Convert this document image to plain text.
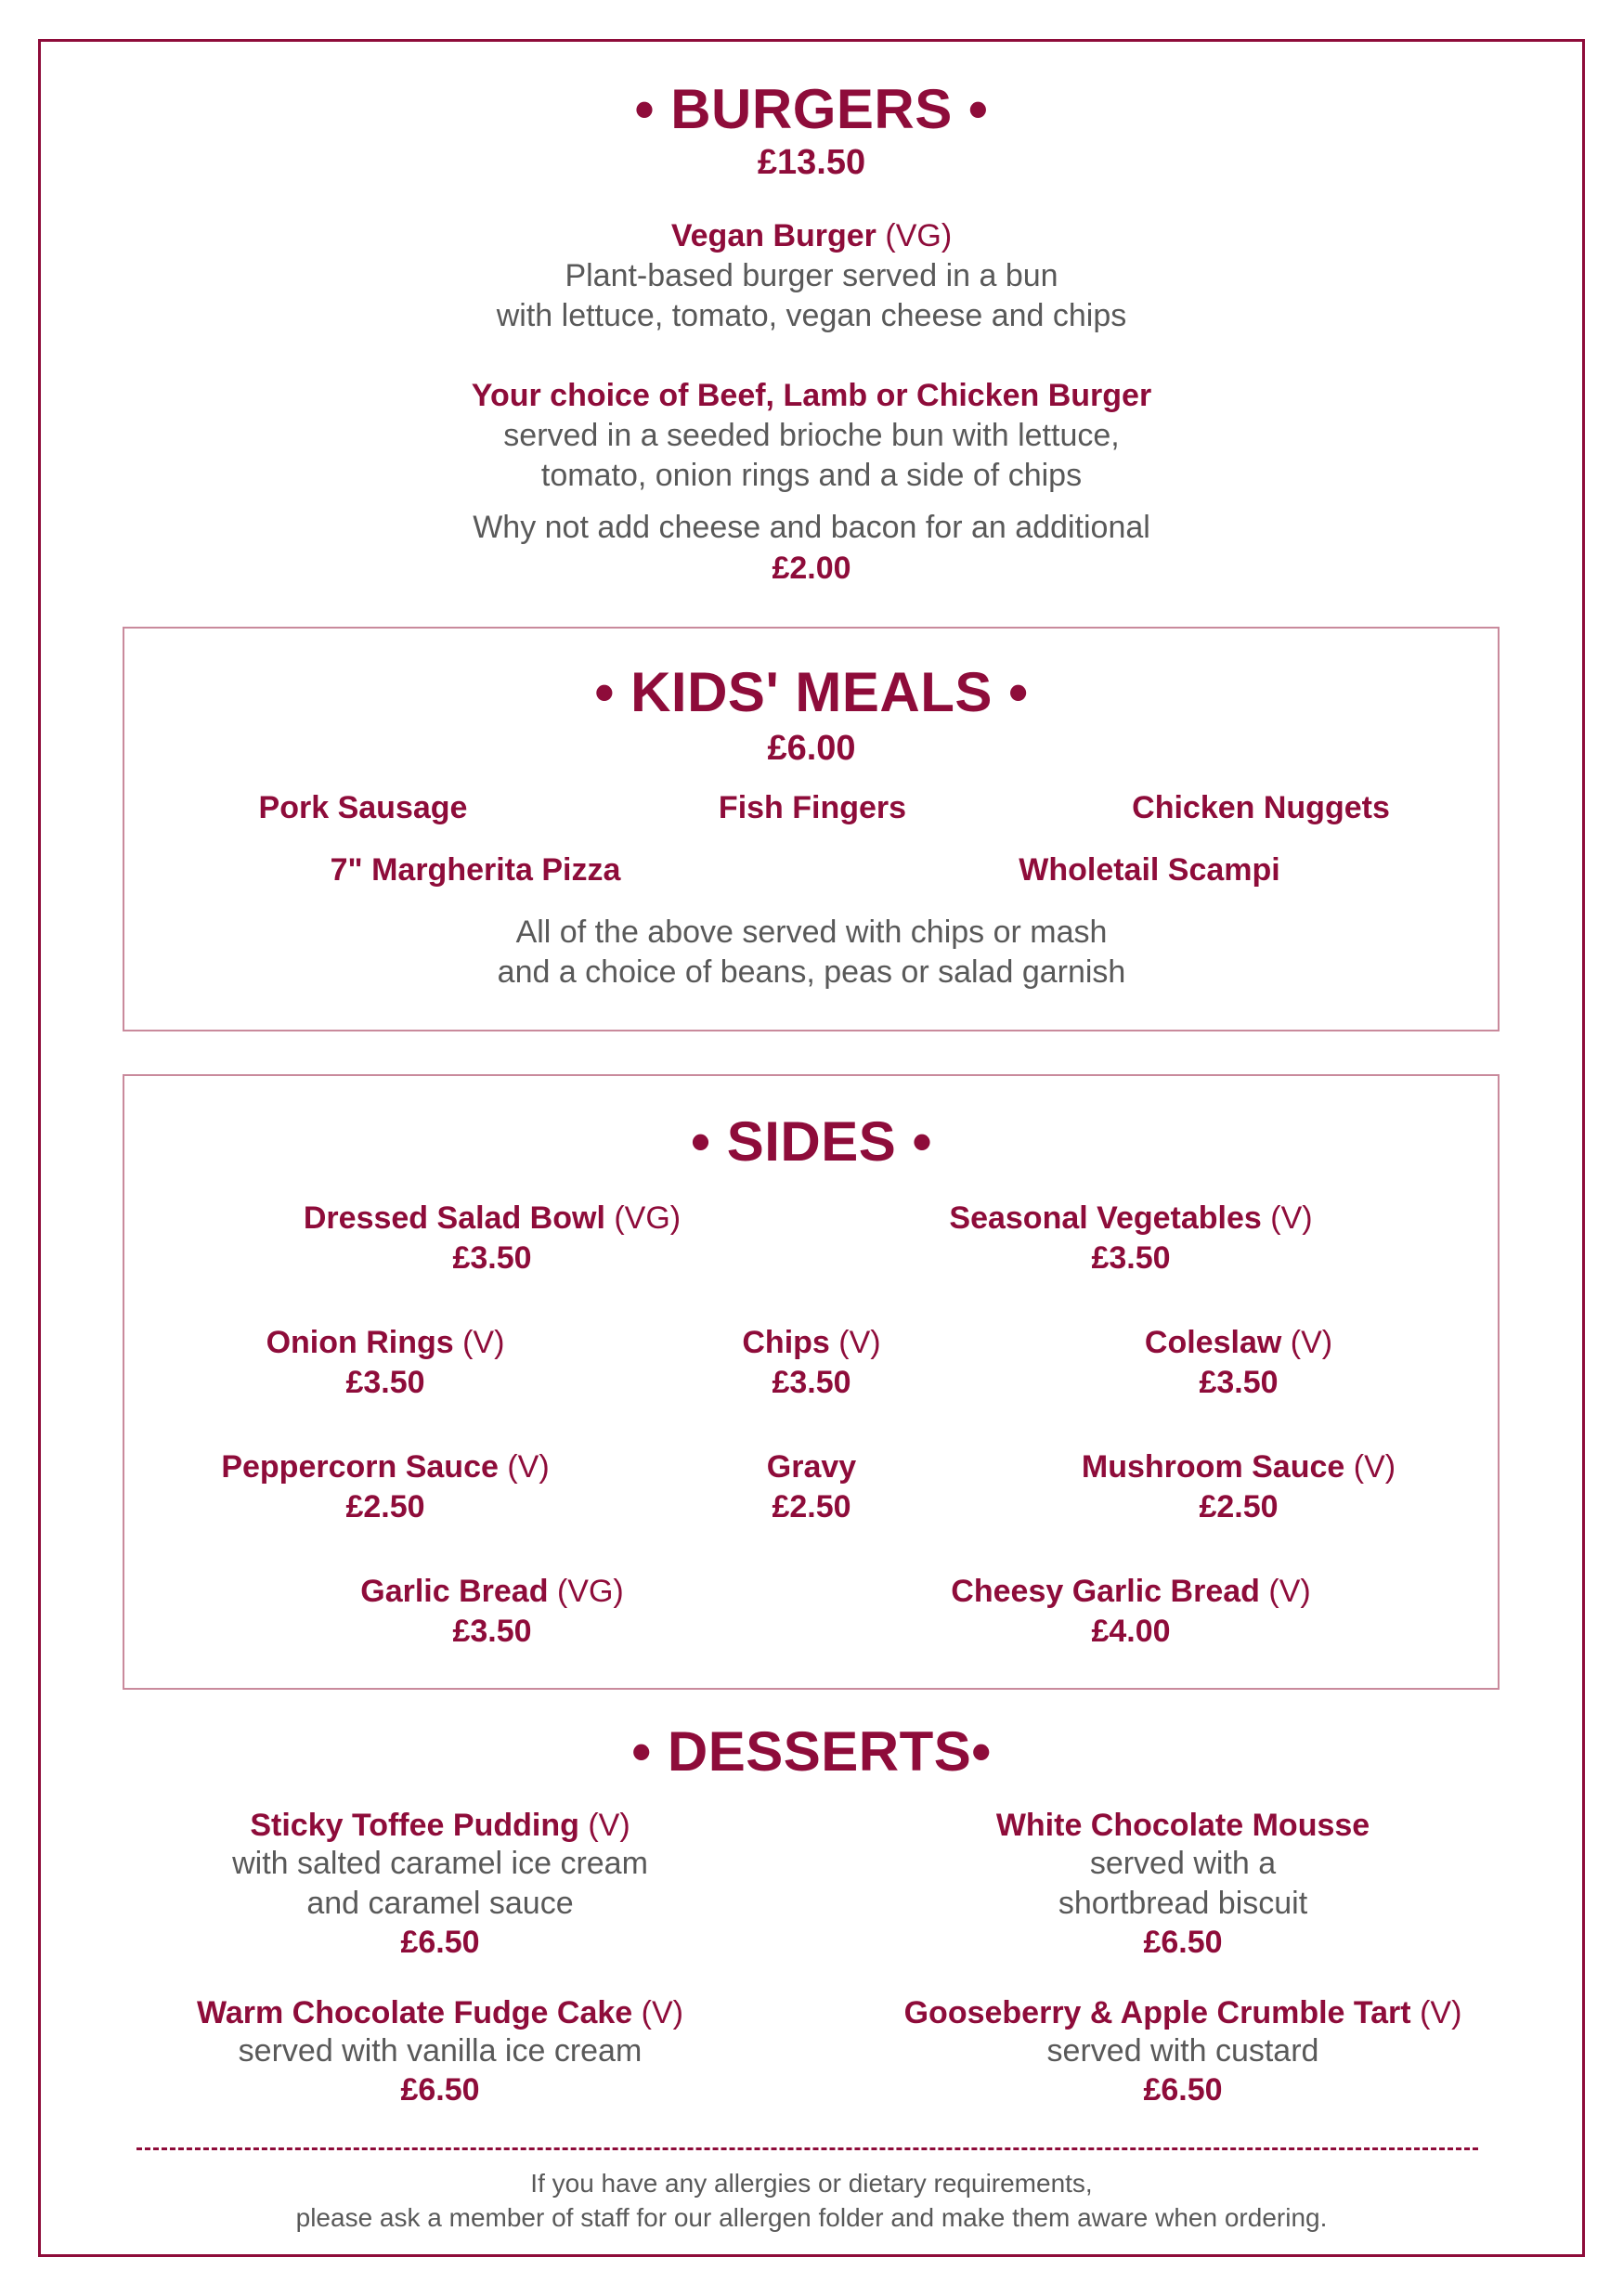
• BURGERS •
£13.50
Vegan Burger (VG)
Plant-based burger served in a bun
with lettuce, tomato, vegan cheese and chips
Your choice of Beef, Lamb or Chicken Burger
served in a seeded brioche bun with lettuce,
tomato, onion rings and a side of chips
Why not add cheese and bacon for an additional
£2.00
• KIDS' MEALS •
£6.00
Pork Sausage	Fish Fingers	Chicken Nuggets
7" Margherita Pizza	Wholetail Scampi
All of the above served with chips or mash
and a choice of beans, peas or salad garnish
• SIDES •
Dressed Salad Bowl (VG)
£3.50
Seasonal Vegetables (V)
£3.50
Onion Rings (V)
£3.50
Chips (V)
£3.50
Coleslaw (V)
£3.50
Peppercorn Sauce (V)
£2.50
Gravy
£2.50
Mushroom Sauce (V)
£2.50
Garlic Bread (VG)
£3.50
Cheesy Garlic Bread (V)
£4.00
• DESSERTS•
Sticky Toffee Pudding (V)
with salted caramel ice cream
and caramel sauce
£6.50
White Chocolate Mousse
served with a
shortbread biscuit
£6.50
Warm Chocolate Fudge Cake (V)
served with vanilla ice cream
£6.50
Gooseberry & Apple Crumble Tart (V)
served with custard
£6.50
If you have any allergies or dietary requirements,
please ask a member of staff for our allergen folder and make them aware when ordering.
